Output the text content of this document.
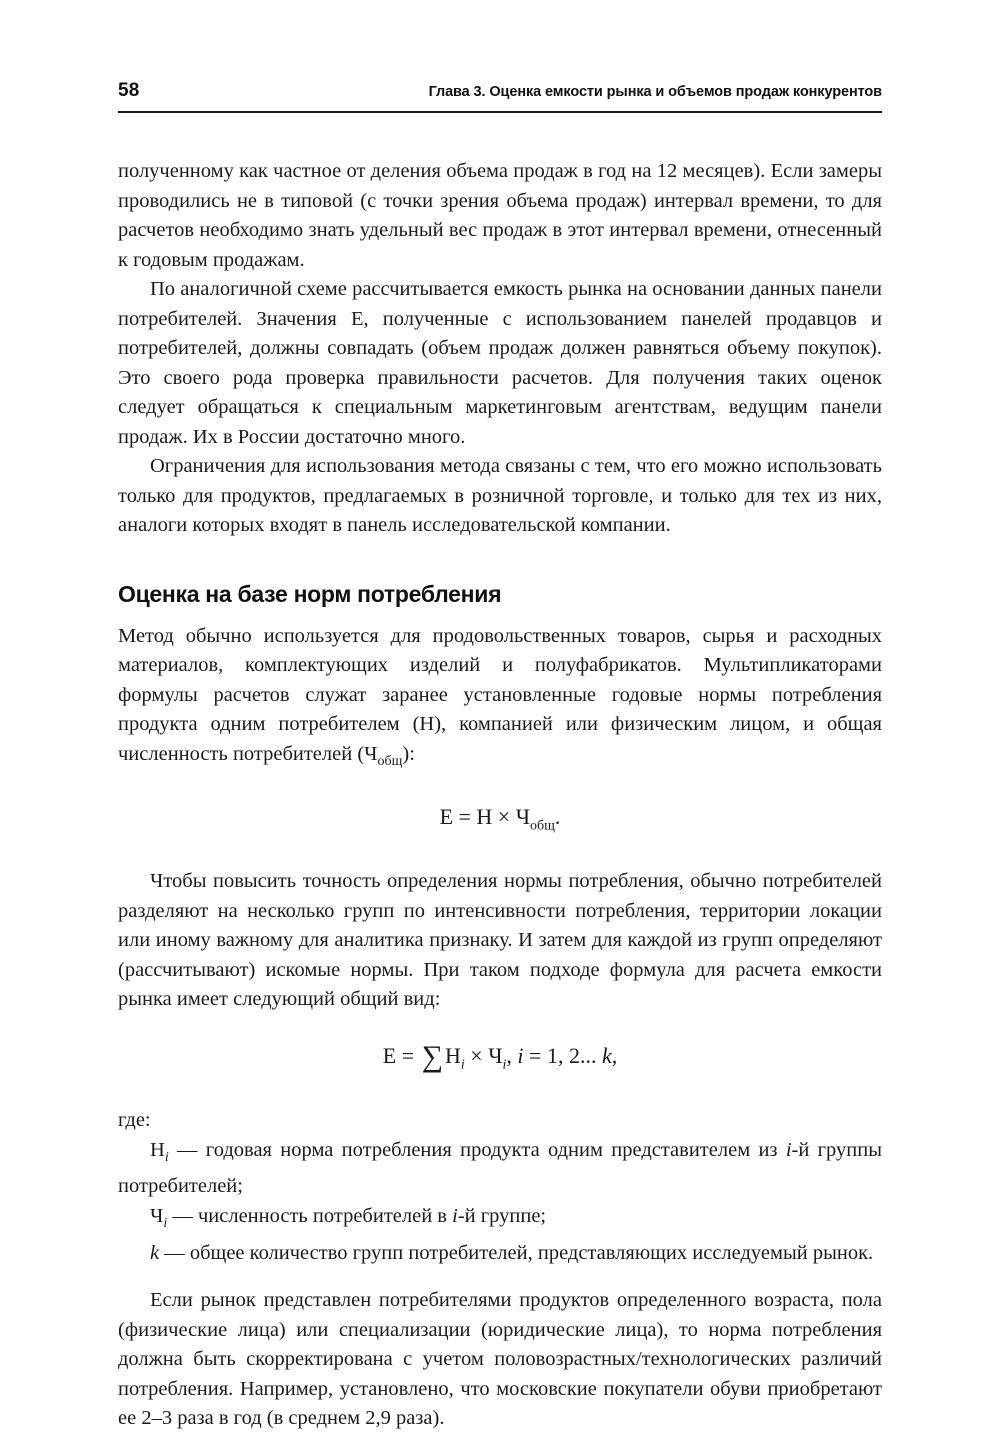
58	Глава 3. Оценка емкости рынка и объемов продаж конкурентов

полученному как частное от деления объема продаж в год на 12 месяцев). Если замеры проводились не в типовой (с точки зрения объема продаж) интервал времени, то для расчетов необходимо знать удельный вес продаж в этот интервал времени, отнесенный к годовым продажам.

По аналогичной схеме рассчитывается емкость рынка на основании данных панели потребителей. Значения Е, полученные с использованием панелей продавцов и потребителей, должны совпадать (объем продаж должен равняться объему покупок). Это своего рода проверка правильности расчетов. Для получения таких оценок следует обращаться к специальным маркетинговым агентствам, ведущим панели продаж. Их в России достаточно много.

Ограничения для использования метода связаны с тем, что его можно использовать только для продуктов, предлагаемых в розничной торговле, и только для тех из них, аналоги которых входят в панель исследовательской компании.

Оценка на базе норм потребления

Метод обычно используется для продовольственных товаров, сырья и расходных материалов, комплектующих изделий и полуфабрикатов. Мультипликаторами формулы расчетов служат заранее установленные годовые нормы потребления продукта одним потребителем (Н), компанией или физическим лицом, и общая численность потребителей $(Ч_{общ})$:

$Е = Н \times Ч_{общ}$.

Чтобы повысить точность определения нормы потребления, обычно потребителей разделяют на несколько групп по интенсивности потребления, территории локации или иному важному для аналитика признаку. И затем для каждой из групп определяют (рассчитывают) искомые нормы. При таком подходе формула для расчета емкости рынка имеет следующий общий вид:

$Е = \sum Н_i \times Ч_i$, i = 1, 2... k,

где:

$Н_i$ — годовая норма потребления продукта одним представителем из i-й группы потребителей;

$Ч_i$ — численность потребителей в i-й группе;

k — общее количество групп потребителей, представляющих исследуемый рынок.

Если рынок представлен потребителями продуктов определенного возраста, пола (физические лица) или специализации (юридические лица), то норма потребления должна быть скорректирована с учетом половозрастных/технологических различий потребления. Например, установлено, что московские покупатели обуви приобретают ее 2–3 раза в год (в среднем 2,9 раза).
